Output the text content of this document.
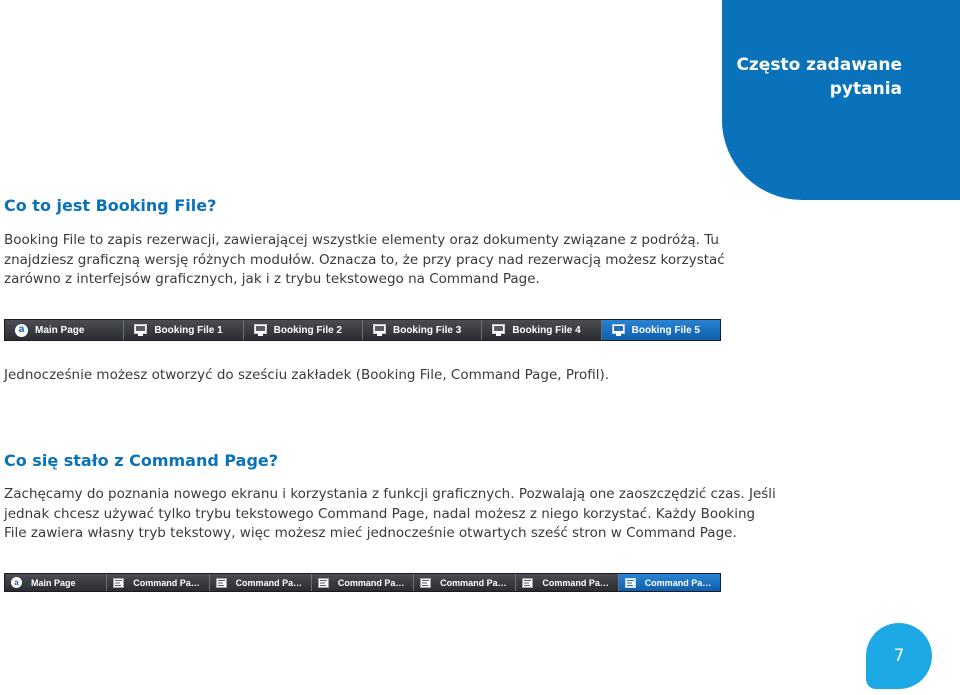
Często zadawane
pytania
Co to jest Booking File?

Booking File to zapis rezerwacji, zawierającej wszystkie elementy oraz dokumenty związane z podróżą. Tu
znajdziesz graficzną wersję różnych modułów. Oznacza to, że przy pracy nad rezerwacją możesz korzystać
zarówno z interfejsów graficznych, jak i z trybu tekstowego na Command Page.

a	Main Page	Booking File 1	Booking File 2	Booking File 3	Booking File 4	Booking File 5

Jednocześnie możesz otworzyć do sześciu zakładek (Booking File, Command Page, Profil).

Co się stało z Command Page?

Zachęcamy do poznania nowego ekranu i korzystania z funkcji graficznych. Pozwalają one zaoszczędzić czas. Jeśli
jednak chcesz używać tylko trybu tekstowego Command Page, nadal możesz z niego korzystać. Każdy Booking
File zawiera własny tryb tekstowy, więc możesz mieć jednocześnie otwartych sześć stron w Command Page.

a	Main Page	Command Pa…	Command Pa…	Command Pa…	Command Pa…	Command Pa…	Command Pa…
7
